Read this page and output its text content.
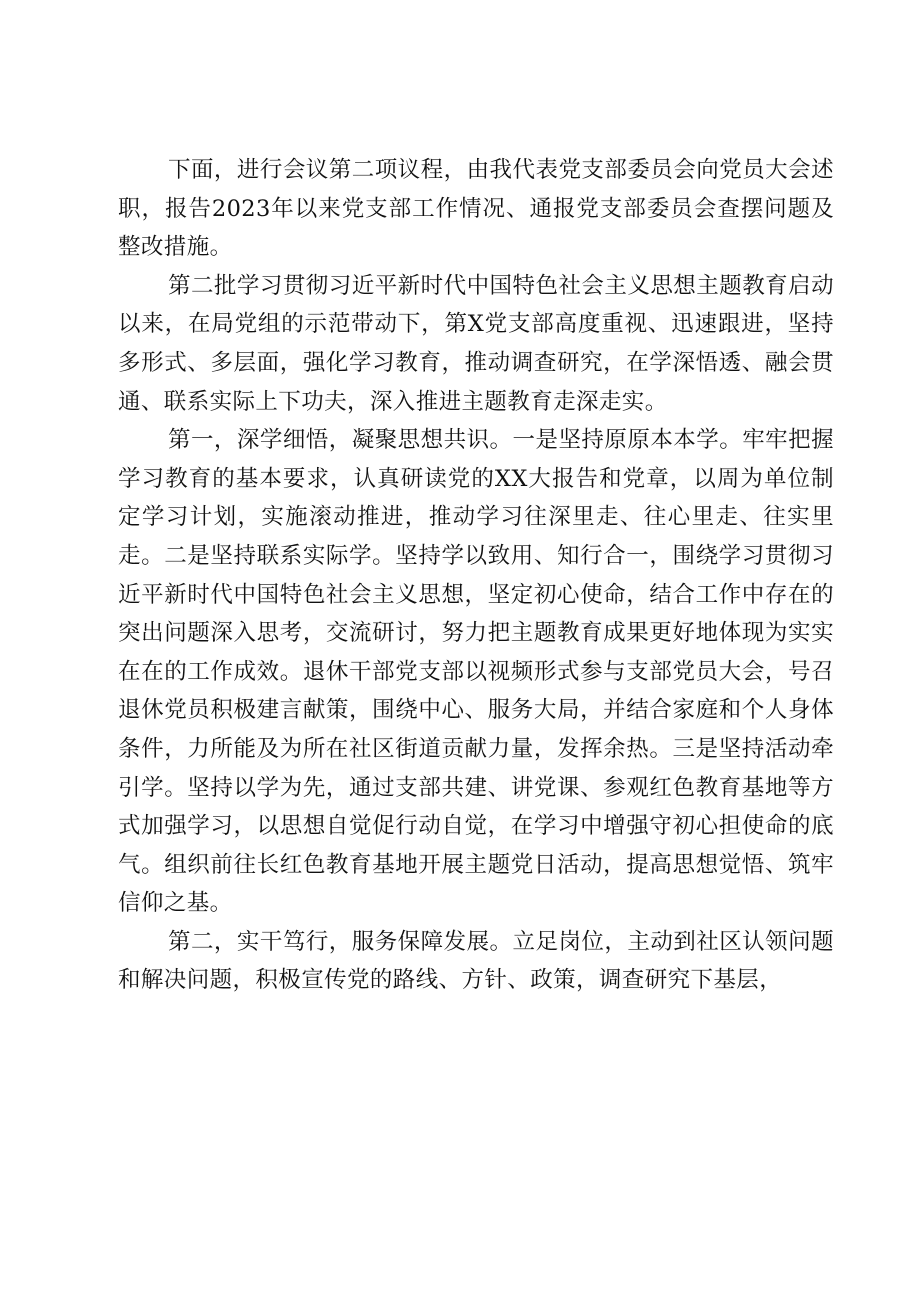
下面，进行会议第二项议程，由我代表党支部委员会向党员大会述职，报告2023年以来党支部工作情况、通报党支部委员会查摆问题及整改措施。

第二批学习贯彻习近平新时代中国特色社会主义思想主题教育启动以来，在局党组的示范带动下，第X党支部高度重视、迅速跟进，坚持多形式、多层面，强化学习教育，推动调查研究，在学深悟透、融会贯通、联系实际上下功夫，深入推进主题教育走深走实。

第一，深学细悟，凝聚思想共识。一是坚持原原本本学。牢牢把握学习教育的基本要求，认真研读党的XX大报告和党章，以周为单位制定学习计划，实施滚动推进，推动学习往深里走、往心里走、往实里走。二是坚持联系实际学。坚持学以致用、知行合一，围绕学习贯彻习近平新时代中国特色社会主义思想，坚定初心使命，结合工作中存在的突出问题深入思考，交流研讨，努力把主题教育成果更好地体现为实实在在的工作成效。退休干部党支部以视频形式参与支部党员大会，号召退休党员积极建言献策，围绕中心、服务大局，并结合家庭和个人身体条件，力所能及为所在社区街道贡献力量，发挥余热。三是坚持活动牵引学。坚持以学为先，通过支部共建、讲党课、参观红色教育基地等方式加强学习，以思想自觉促行动自觉，在学习中增强守初心担使命的底气。组织前往长红色教育基地开展主题党日活动，提高思想觉悟、筑牢信仰之基。

第二，实干笃行，服务保障发展。立足岗位，主动到社区认领问题和解决问题，积极宣传党的路线、方针、政策，调查研究下基层，
